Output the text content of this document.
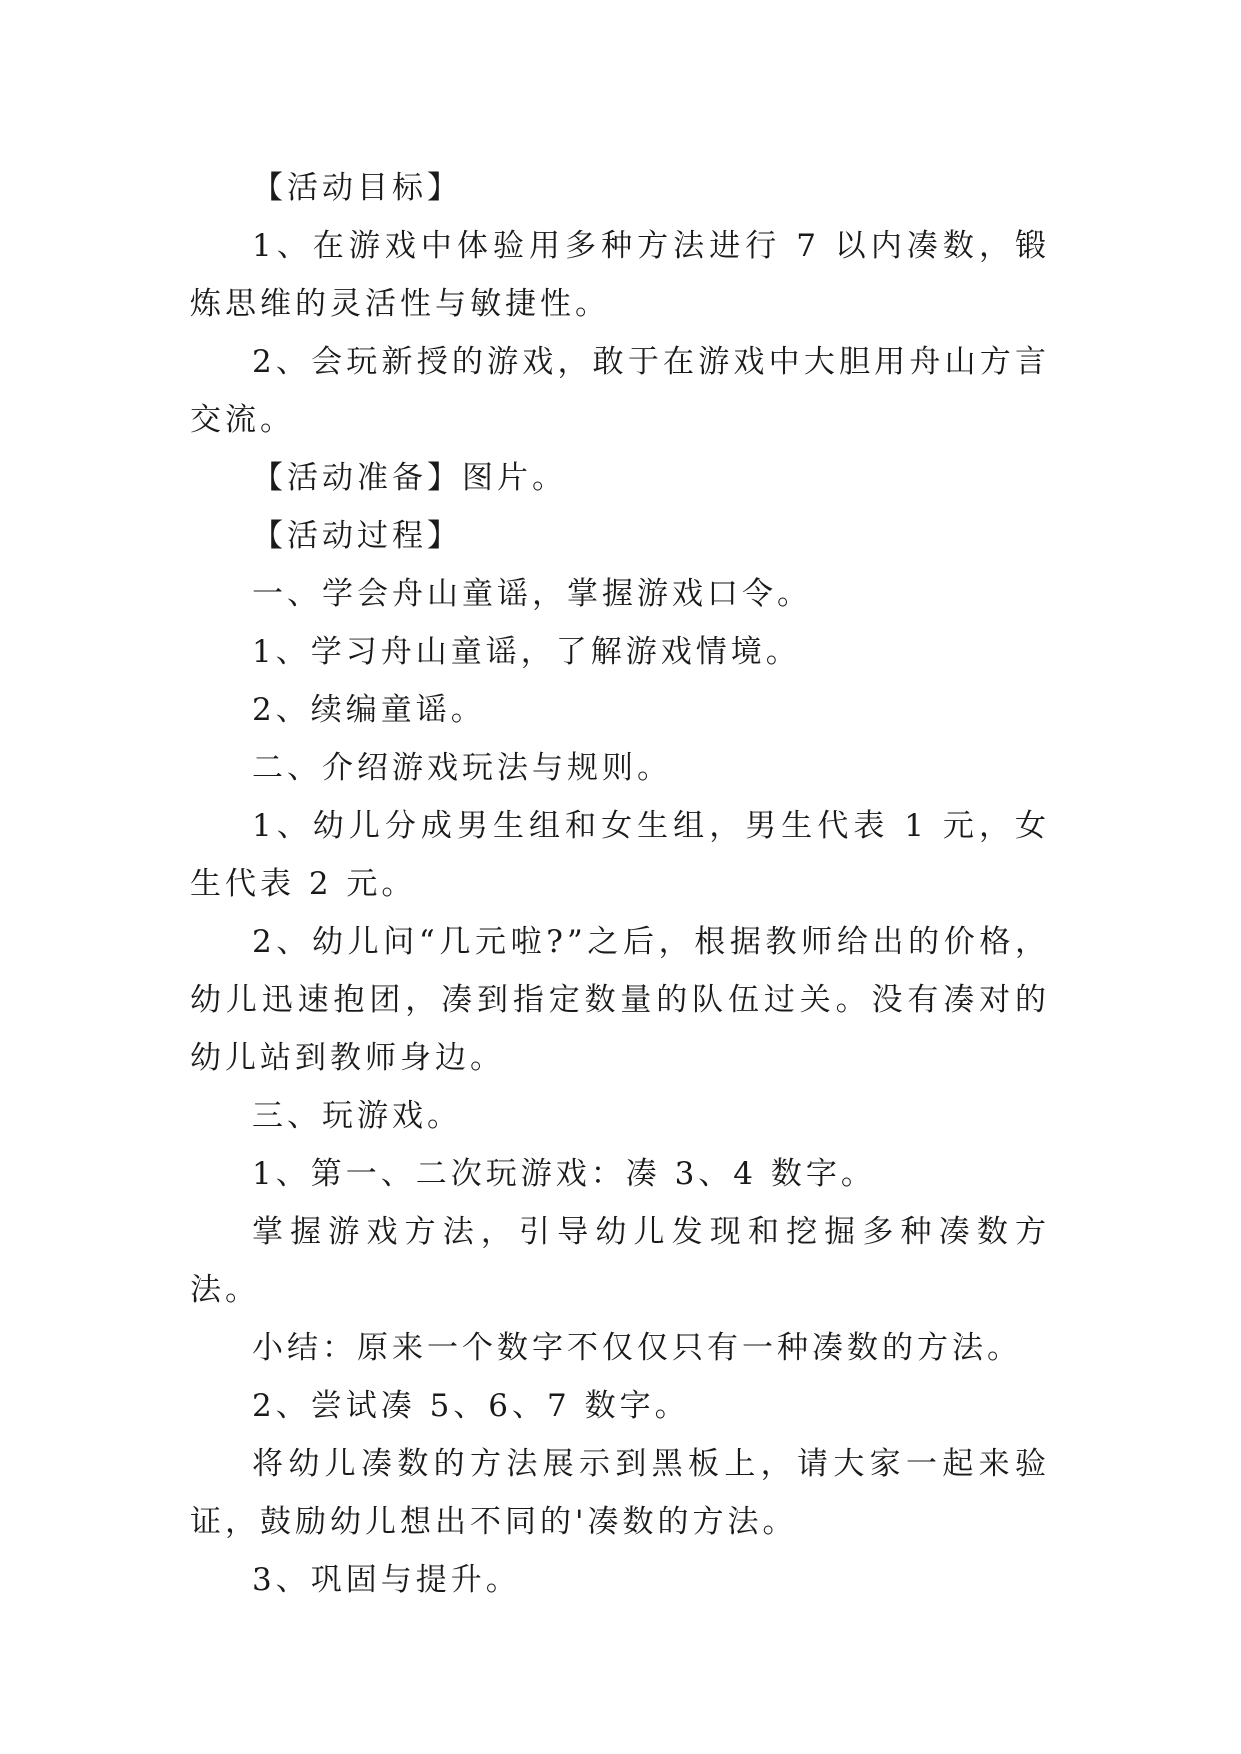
【活动目标】

1、在游戏中体验用多种方法进行 7 以内凑数，锻炼思维的灵活性与敏捷性。

2、会玩新授的游戏，敢于在游戏中大胆用舟山方言交流。

【活动准备】图片。

【活动过程】

一、学会舟山童谣，掌握游戏口令。

1、学习舟山童谣，了解游戏情境。

2、续编童谣。

二、介绍游戏玩法与规则。

1、幼儿分成男生组和女生组，男生代表 1 元，女生代表 2 元。

2、幼儿问“几元啦?”之后，根据教师给出的价格，幼儿迅速抱团，凑到指定数量的队伍过关。没有凑对的幼儿站到教师身边。

三、玩游戏。

1、第一、二次玩游戏：凑 3、4 数字。

掌握游戏方法，引导幼儿发现和挖掘多种凑数方法。

小结：原来一个数字不仅仅只有一种凑数的方法。

2、尝试凑 5、6、7 数字。

将幼儿凑数的方法展示到黑板上，请大家一起来验证，鼓励幼儿想出不同的'凑数的方法。

3、巩固与提升。
